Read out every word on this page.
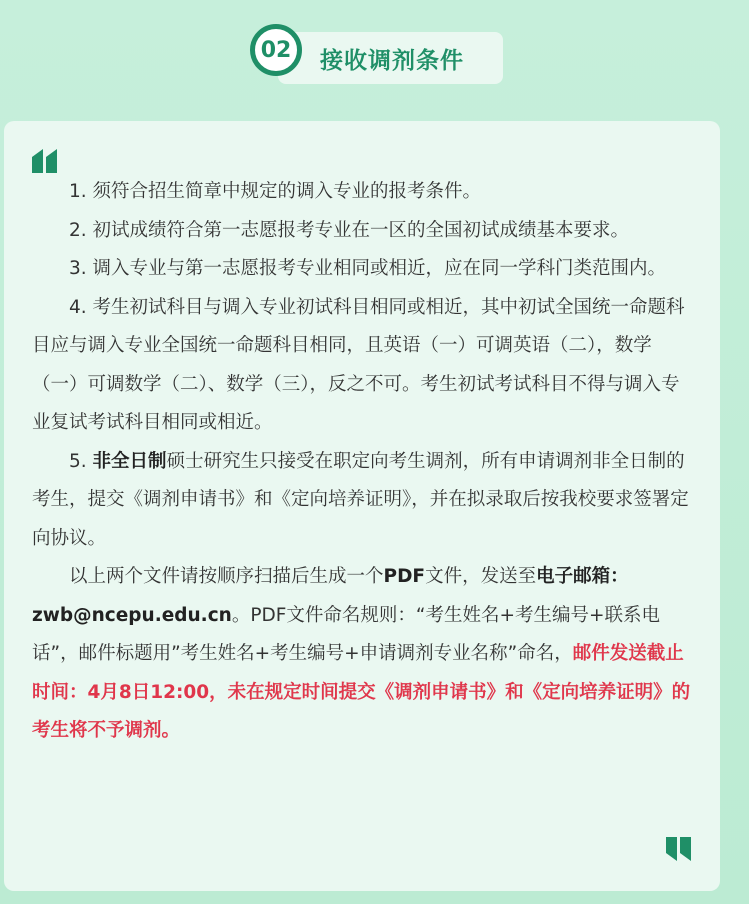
02	接收调剂条件

1. 须符合招生简章中规定的调入专业的报考条件。

2. 初试成绩符合第一志愿报考专业在一区的全国初试成绩基本要求。

3. 调入专业与第一志愿报考专业相同或相近，应在同一学科门类范围内。

4. 考生初试科目与调入专业初试科目相同或相近，其中初试全国统一命题科目应与调入专业全国统一命题科目相同，且英语（一）可调英语（二），数学（一）可调数学（二）、数学（三），反之不可。考生初试考试科目不得与调入专业复试考试科目相同或相近。

5. 非全日制硕士研究生只接受在职定向考生调剂，所有申请调剂非全日制的考生，提交《调剂申请书》和《定向培养证明》，并在拟录取后按我校要求签署定向协议。

以上两个文件请按顺序扫描后生成一个PDF文件，发送至电子邮箱：zwb@ncepu.edu.cn。PDF文件命名规则：“考生姓名+考生编号+联系电话”，邮件标题用”考生姓名+考生编号+申请调剂专业名称”命名，邮件发送截止时间：4月8日12:00，未在规定时间提交《调剂申请书》和《定向培养证明》的考生将不予调剂。
